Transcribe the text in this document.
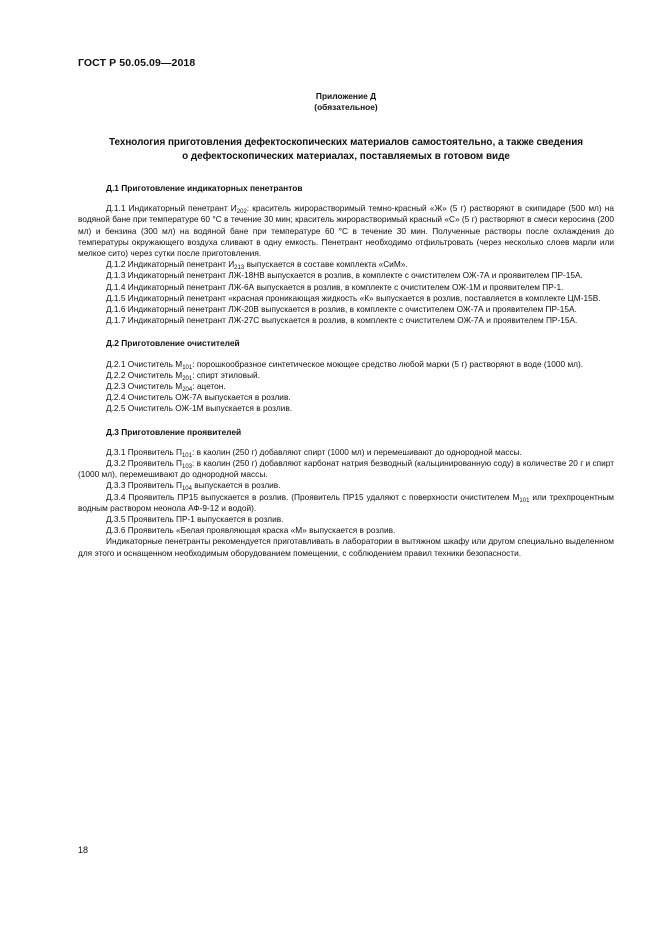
ГОСТ Р 50.05.09—2018
Приложение Д
(обязательное)
Технология приготовления дефектоскопических материалов самостоятельно, а также сведения
о дефектоскопических материалах, поставляемых в готовом виде
Д.1 Приготовление индикаторных пенетрантов

Д.1.1 Индикаторный пенетрант $И_{202}$: краситель жирорастворимый темно-красный «Ж» (5 г) растворяют в скипидаре (500 мл) на водяной бане при температуре 60 °С в течение 30 мин; краситель жирорастворимый красный «С» (5 г) растворяют в смеси керосина (200 мл) и бензина (300 мл) на водяной бане при температуре 60 °С в течение 30 мин. Полученные растворы после охлаждения до температуры окружающего воздуха сливают в одну емкость. Пенетрант необходимо отфильтровать (через несколько слоев марли или мелкое сито) через сутки после приготовления.

Д.1.2 Индикаторный пенетрант $И_{213}$ выпускается в составе комплекта «СиМ».

Д.1.3 Индикаторный пенетрант ЛЖ-18НВ выпускается в розлив, в комплекте с очистителем ОЖ-7А и проявителем ПР-15А.

Д.1.4 Индикаторный пенетрант ЛЖ-6А выпускается в розлив, в комплекте с очистителем ОЖ-1М и проявителем ПР-1.

Д.1.5 Индикаторный пенетрант «красная проникающая жидкость «К» выпускается в розлив, поставляется в комплекте ЦМ-15В.

Д.1.6 Индикаторный пенетрант ЛЖ-20В выпускается в розлив, в комплекте с очистителем ОЖ-7А и проявителем ПР-15А.

Д.1.7 Индикаторный пенетрант ЛЖ-27С выпускается в розлив, в комплекте с очистителем ОЖ-7А и проявителем ПР-15А.

Д.2 Приготовление очистителей

Д.2.1 Очиститель $М_{101}$: порошкообразное синтетическое моющее средство любой марки (5 г) растворяют в воде (1000 мл).

Д.2.2 Очиститель $М_{201}$: спирт этиловый.

Д.2.3 Очиститель $М_{204}$: ацетон.

Д.2.4 Очиститель ОЖ-7А выпускается в розлив.

Д.2.5 Очиститель ОЖ-1М выпускается в розлив.

Д.3 Приготовление проявителей

Д.3.1 Проявитель $П_{101}$: в каолин (250 г) добавляют спирт (1000 мл) и перемешивают до однородной массы.

Д.3.2 Проявитель $П_{103}$: в каолин (250 г) добавляют карбонат натрия безводный (кальцинированную соду) в количестве 20 г и спирт (1000 мл), перемешивают до однородной массы.

Д.3.3 Проявитель $П_{104}$ выпускается в розлив.

Д.3.4 Проявитель ПР15 выпускается в розлив. (Проявитель ПР15 удаляют с поверхности очистителем $М_{101}$ или трехпроцентным водным раствором неонола АФ-9-12 и водой).

Д.3.5 Проявитель ПР-1 выпускается в розлив.

Д.3.6 Проявитель «Белая проявляющая краска «М» выпускается в розлив.

Индикаторные пенетранты рекомендуется приготавливать в лаборатории в вытяжном шкафу или другом специально выделенном для этого и оснащенном необходимым оборудованием помещении, с соблюдением правил техники безопасности.

18
